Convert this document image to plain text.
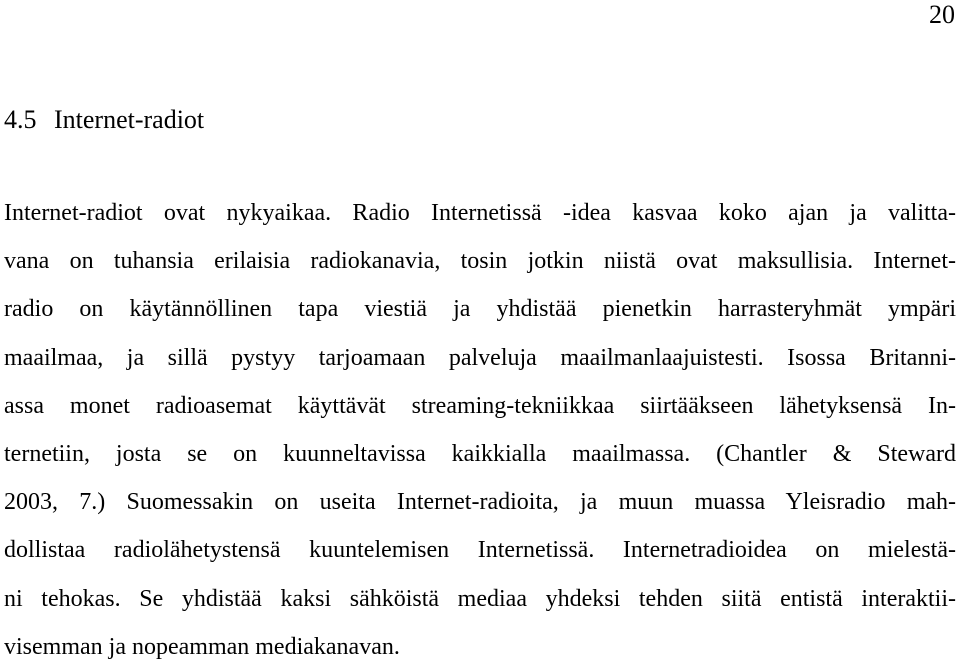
20
4.5 Internet-radiot
Internet-radiot ovat nykyaikaa. Radio Internetissä -idea kasvaa koko ajan ja valitta-
vana on tuhansia erilaisia radiokanavia, tosin jotkin niistä ovat maksullisia. Internet-
radio on käytännöllinen tapa viestiä ja yhdistää pienetkin harrasteryhmät ympäri
maailmaa, ja sillä pystyy tarjoamaan palveluja maailmanlaajuistesti. Isossa Britanni-
assa monet radioasemat käyttävät streaming-tekniikkaa siirtääkseen lähetyksensä In-
ternetiin, josta se on kuunneltavissa kaikkialla maailmassa. (Chantler & Steward
2003, 7.) Suomessakin on useita Internet-radioita, ja muun muassa Yleisradio mah-
dollistaa radiolähetystensä kuuntelemisen Internetissä. Internetradioidea on mielestä-
ni tehokas. Se yhdistää kaksi sähköistä mediaa yhdeksi tehden siitä entistä interaktii-
visemman ja nopeamman mediakanavan.
